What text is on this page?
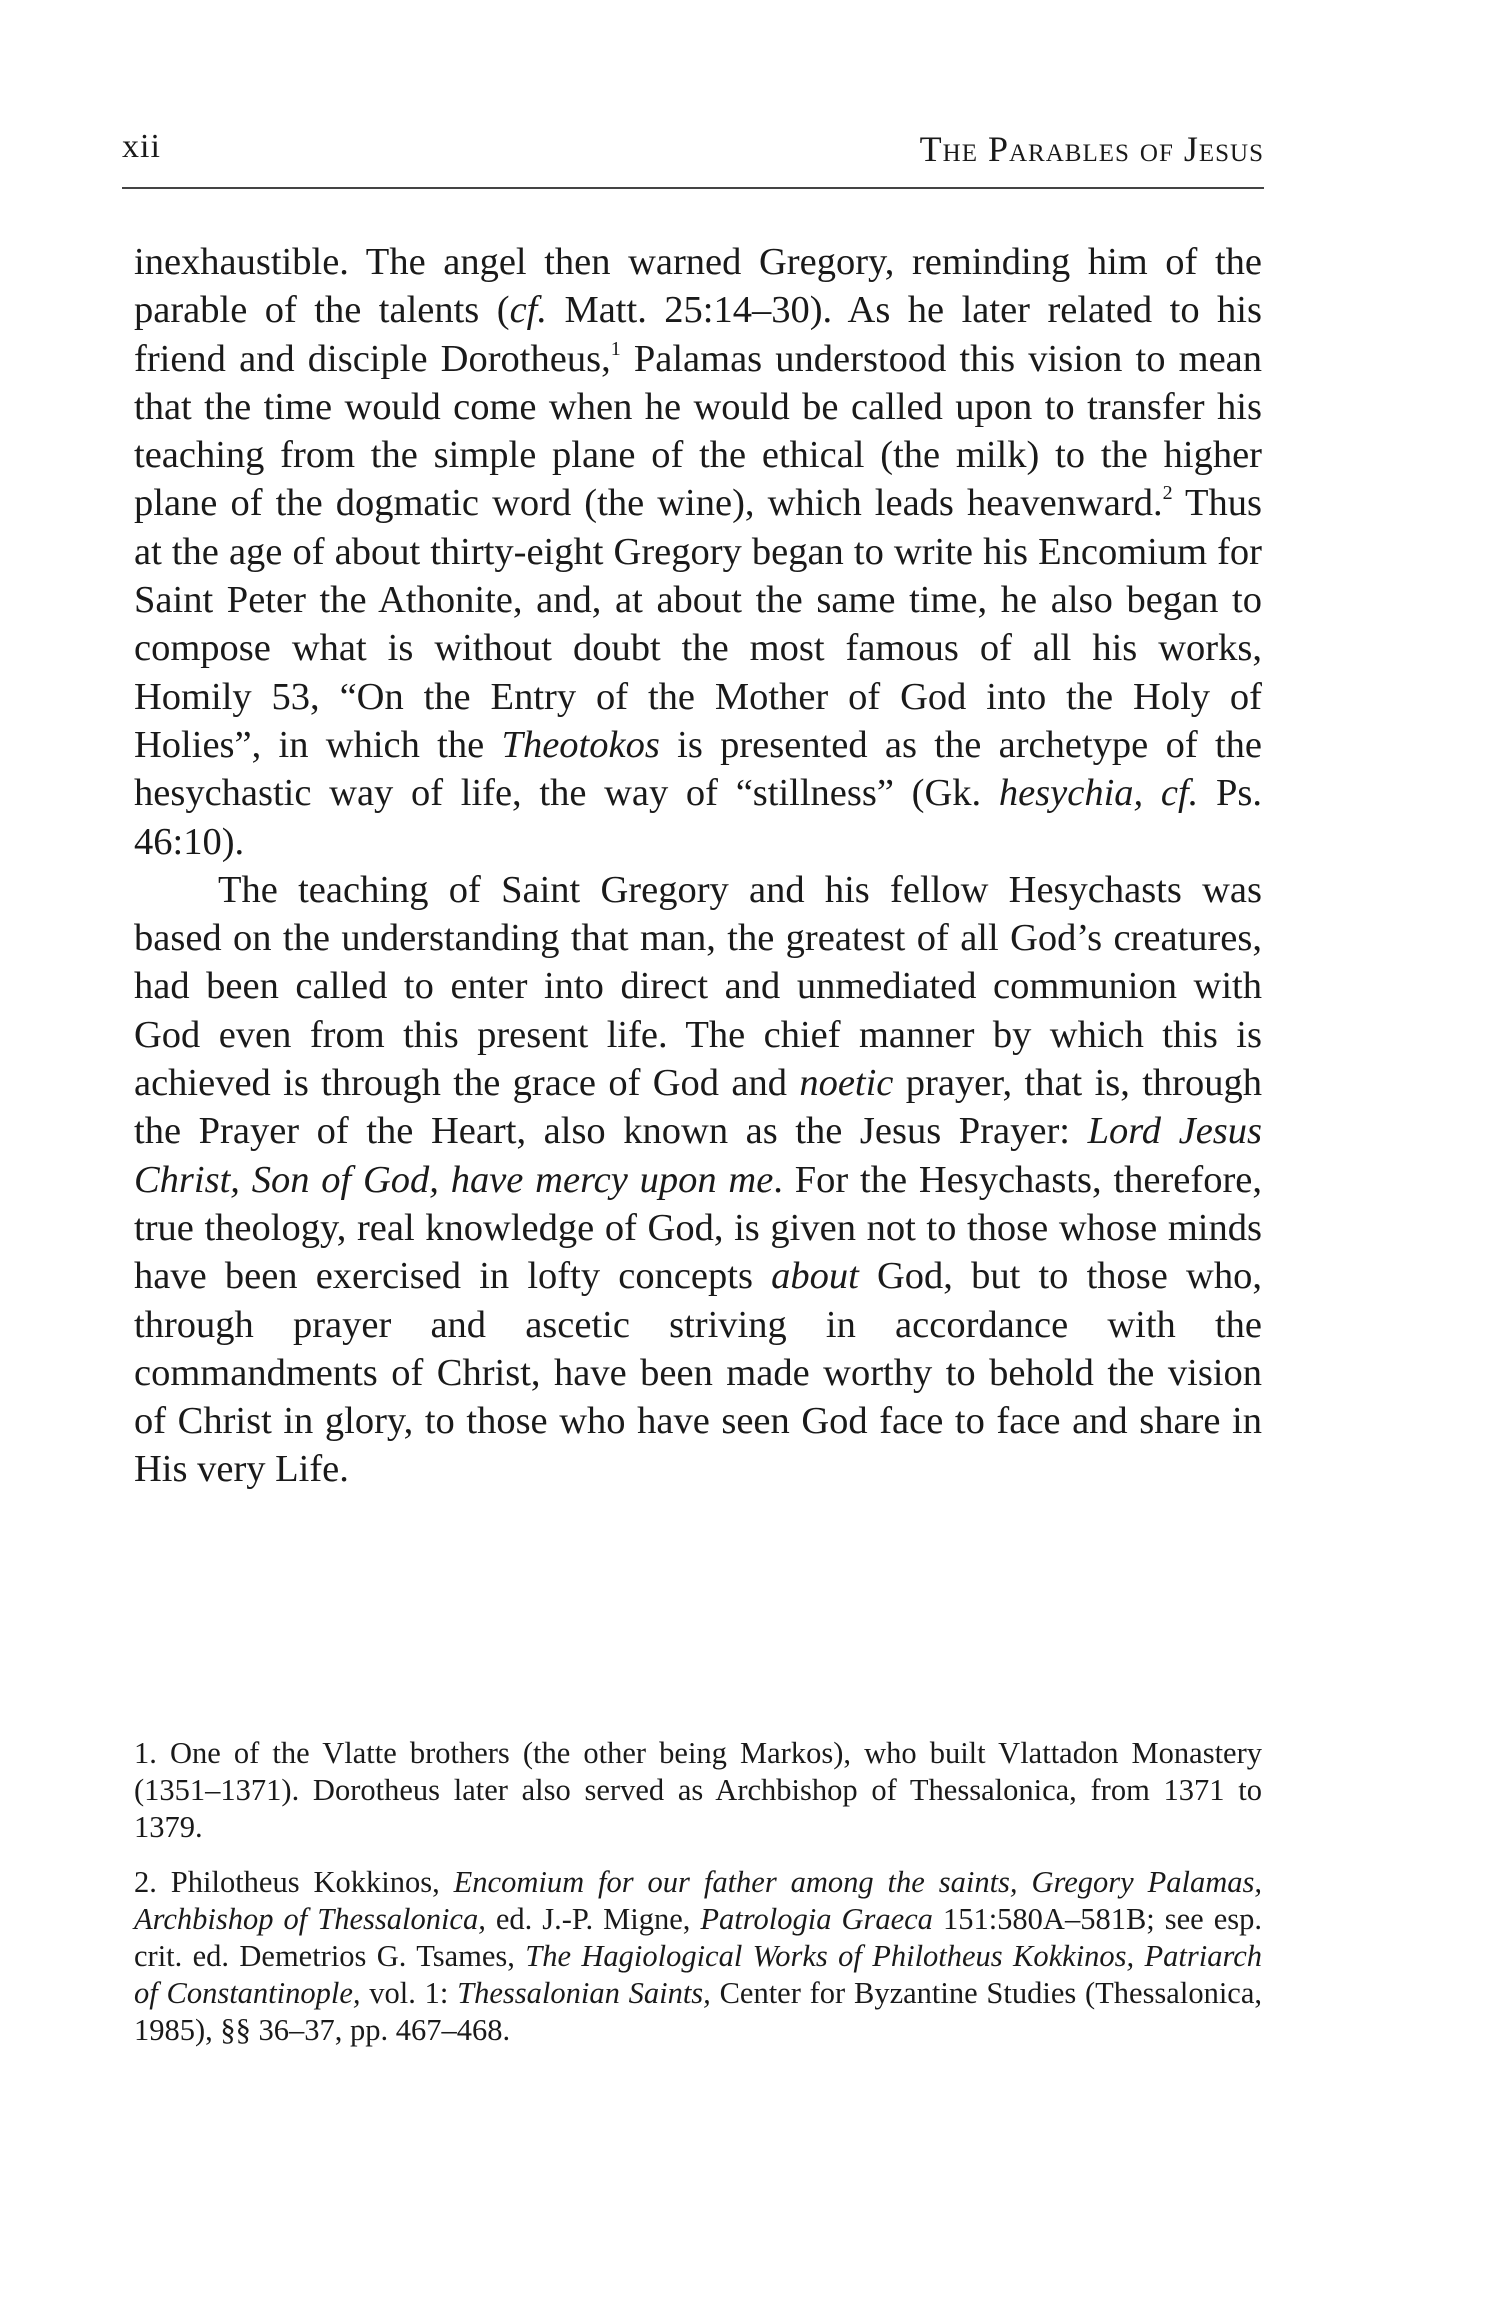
xii	The Parables of Jesus

inexhaustible. The angel then warned Gregory, reminding him of the parable of the talents (cf. Matt. 25:14–30). As he later related to his friend and disciple Dorotheus,$^1$ Palamas understood this vision to mean that the time would come when he would be called upon to transfer his teaching from the simple plane of the ethical (the milk) to the higher plane of the dogmatic word (the wine), which leads heavenward.$^2$ Thus at the age of about thirty-eight Gregory began to write his Encomium for Saint Peter the Athonite, and, at about the same time, he also began to compose what is without doubt the most famous of all his works, Homily 53, “On the Entry of the Mother of God into the Holy of Holies”, in which the Theotokos is presented as the archetype of the hesychastic way of life, the way of “stillness” (Gk. hesychia, cf. Ps. 46:10).

The teaching of Saint Gregory and his fellow Hesychasts was based on the understanding that man, the greatest of all God’s creatures, had been called to enter into direct and unmediated communion with God even from this present life. The chief manner by which this is achieved is through the grace of God and noetic prayer, that is, through the Prayer of the Heart, also known as the Jesus Prayer: Lord Jesus Christ, Son of God, have mercy upon me. For the Hesychasts, therefore, true theology, real knowledge of God, is given not to those whose minds have been exercised in lofty concepts about God, but to those who, through prayer and ascetic striving in accordance with the commandments of Christ, have been made worthy to behold the vision of Christ in glory, to those who have seen God face to face and share in His very Life.

1. One of the Vlatte brothers (the other being Markos), who built Vlattadon Monastery (1351–1371). Dorotheus later also served as Archbishop of Thessalonica, from 1371 to 1379.

2. Philotheus Kokkinos, Encomium for our father among the saints, Gregory Palamas, Archbishop of Thessalonica, ed. J.-P. Migne, Patrologia Graeca 151:580A–581B; see esp. crit. ed. Demetrios G. Tsames, The Hagiological Works of Philotheus Kokkinos, Patriarch of Constantinople, vol. 1: Thessalonian Saints, Center for Byzantine Studies (Thessalonica, 1985), §§ 36–37, pp. 467–468.
